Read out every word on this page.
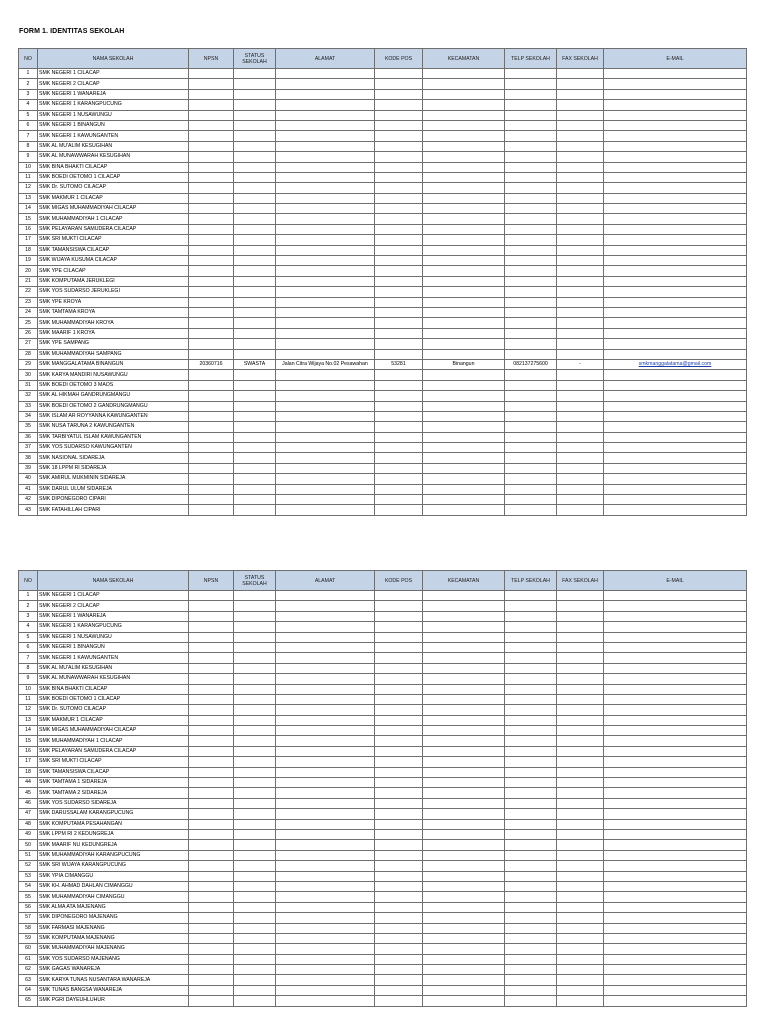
FORM 1. IDENTITAS SEKOLAH
NO	NAMA SEKOLAH	NPSN	STATUS SEKOLAH	ALAMAT	KODE POS	KECAMATAN	TELP SEKOLAH	FAX SEKOLAH	E-MAIL
1	SMK NEGERI 1 CILACAP								
2	SMK NEGERI 2 CILACAP								
3	SMK NEGERI 1 WANAREJA								
4	SMK NEGERI 1 KARANGPUCUNG								
5	SMK NEGERI 1 NUSAWUNGU								
6	SMK NEGERI 1 BINANGUN								
7	SMK NEGERI 1 KAWUNGANTEN								
8	SMK AL MU'ALIM KESUGIHAN								
9	SMK AL MUNAWWARAH KESUGIHAN								
10	SMK BINA BHAKTI CILACAP								
11	SMK BOEDI OETOMO 1 CILACAP								
12	SMK Dr. SUTOMO CILACAP								
13	SMK MAKMUR 1 CILACAP								
14	SMK MIGAS MUHAMMADIYAH CILACAP								
15	SMK MUHAMMADIYAH 1 CILACAP								
16	SMK PELAYARAN SAMUDERA CILACAP								
17	SMK SRI MUKTI CILACAP								
18	SMK TAMANSISWA CILACAP								
19	SMK WIJAYA KUSUMA CILACAP								
20	SMK YPE CILACAP								
21	SMK KOMPUTAMA JERUKLEGI								
22	SMK YOS SUDARSO JERUKLEGI								
23	SMK YPE KROYA								
24	SMK TAMTAMA KROYA								
25	SMK MUHAMMADIYAH KROYA								
26	SMK MAARIF 1 KROYA								
27	SMK YPE SAMPANG								
28	SMK MUHAMMADIYAH SAMPANG								
29	SMK MANGGALATAMA BINANGUN	20360716	SWASTA	Jalan Citra Wijaya No.02 Pesawahan	53281	Binangun	082137275600	-	smkmanggalatama@gmail.com
30	SMK KARYA MANDIRI NUSAWUNGU								
31	SMK BOEDI OETOMO 3 MAOS								
32	SMK AL HIKMAH GANDRUNGMANGU								
33	SMK BOEDI OETOMO 2 GANDRUNGMANGU								
34	SMK ISLAM AR ROYYANNA KAWUNGANTEN								
35	SMK NUSA TARUNA 2 KAWUNGANTEN								
36	SMK TARBIYATUL ISLAM KAWUNGANTEN								
37	SMK YOS SUDARSO KAWUNGANTEN								
38	SMK NASIONAL SIDAREJA								
39	SMK 18 LPPM RI SIDAREJA								
40	SMK AMIRUL MUKMININ SIDAREJA								
41	SMK DARUL ULUM SIDAREJA								
42	SMK DIPONEGORO CIPARI								
43	SMK FATAHILLAH CIPARI								
NO	NAMA SEKOLAH	NPSN	STATUS SEKOLAH	ALAMAT	KODE POS	KECAMATAN	TELP SEKOLAH	FAX SEKOLAH	E-MAIL
1	SMK NEGERI 1 CILACAP								
2	SMK NEGERI 2 CILACAP								
3	SMK NEGERI 1 WANAREJA								
4	SMK NEGERI 1 KARANGPUCUNG								
5	SMK NEGERI 1 NUSAWUNGU								
6	SMK NEGERI 1 BINANGUN								
7	SMK NEGERI 1 KAWUNGANTEN								
8	SMK AL MU'ALIM KESUGIHAN								
9	SMK AL MUNAWWARAH KESUGIHAN								
10	SMK BINA BHAKTI CILACAP								
11	SMK BOEDI OETOMO 1 CILACAP								
12	SMK Dr. SUTOMO CILACAP								
13	SMK MAKMUR 1 CILACAP								
14	SMK MIGAS MUHAMMADIYAH CILACAP								
15	SMK MUHAMMADIYAH 1 CILACAP								
16	SMK PELAYARAN SAMUDERA CILACAP								
17	SMK SRI MUKTI CILACAP								
18	SMK TAMANSISWA CILACAP								
44	SMK TAMTAMA 1 SIDAREJA								
45	SMK TAMTAMA 2 SIDAREJA								
46	SMK YOS SUDARSO SIDAREJA								
47	SMK DARUSSALAM KARANGPUCUNG								
48	SMK KOMPUTAMA PESAHANGAN								
49	SMK LPPM RI 2 KEDUNGREJA								
50	SMK MAARIF NU KEDUNGREJA								
51	SMK MUHAMMADIYAH KARANGPUCUNG								
52	SMK SRI WIJAYA KARANGPUCUNG								
53	SMK YPIA CIMANGGU								
54	SMK KH. AHMAD DAHLAN CIMANGGU								
55	SMK MUHAMMADIYAH CIMANGGU								
56	SMK ALMA ATA MAJENANG								
57	SMK DIPONEGORO MAJENANG								
58	SMK FARMASI MAJENANG								
59	SMK KOMPUTAMA MAJENANG								
60	SMK MUHAMMADIYAH MAJENANG								
61	SMK YOS SUDARSO MAJENANG								
62	SMK GAGAS WANAREJA								
63	SMK KARYA TUNAS NUSANTARA WANAREJA								
64	SMK TUNAS BANGSA WANAREJA								
65	SMK PGRI DAYEUHLUHUR								
